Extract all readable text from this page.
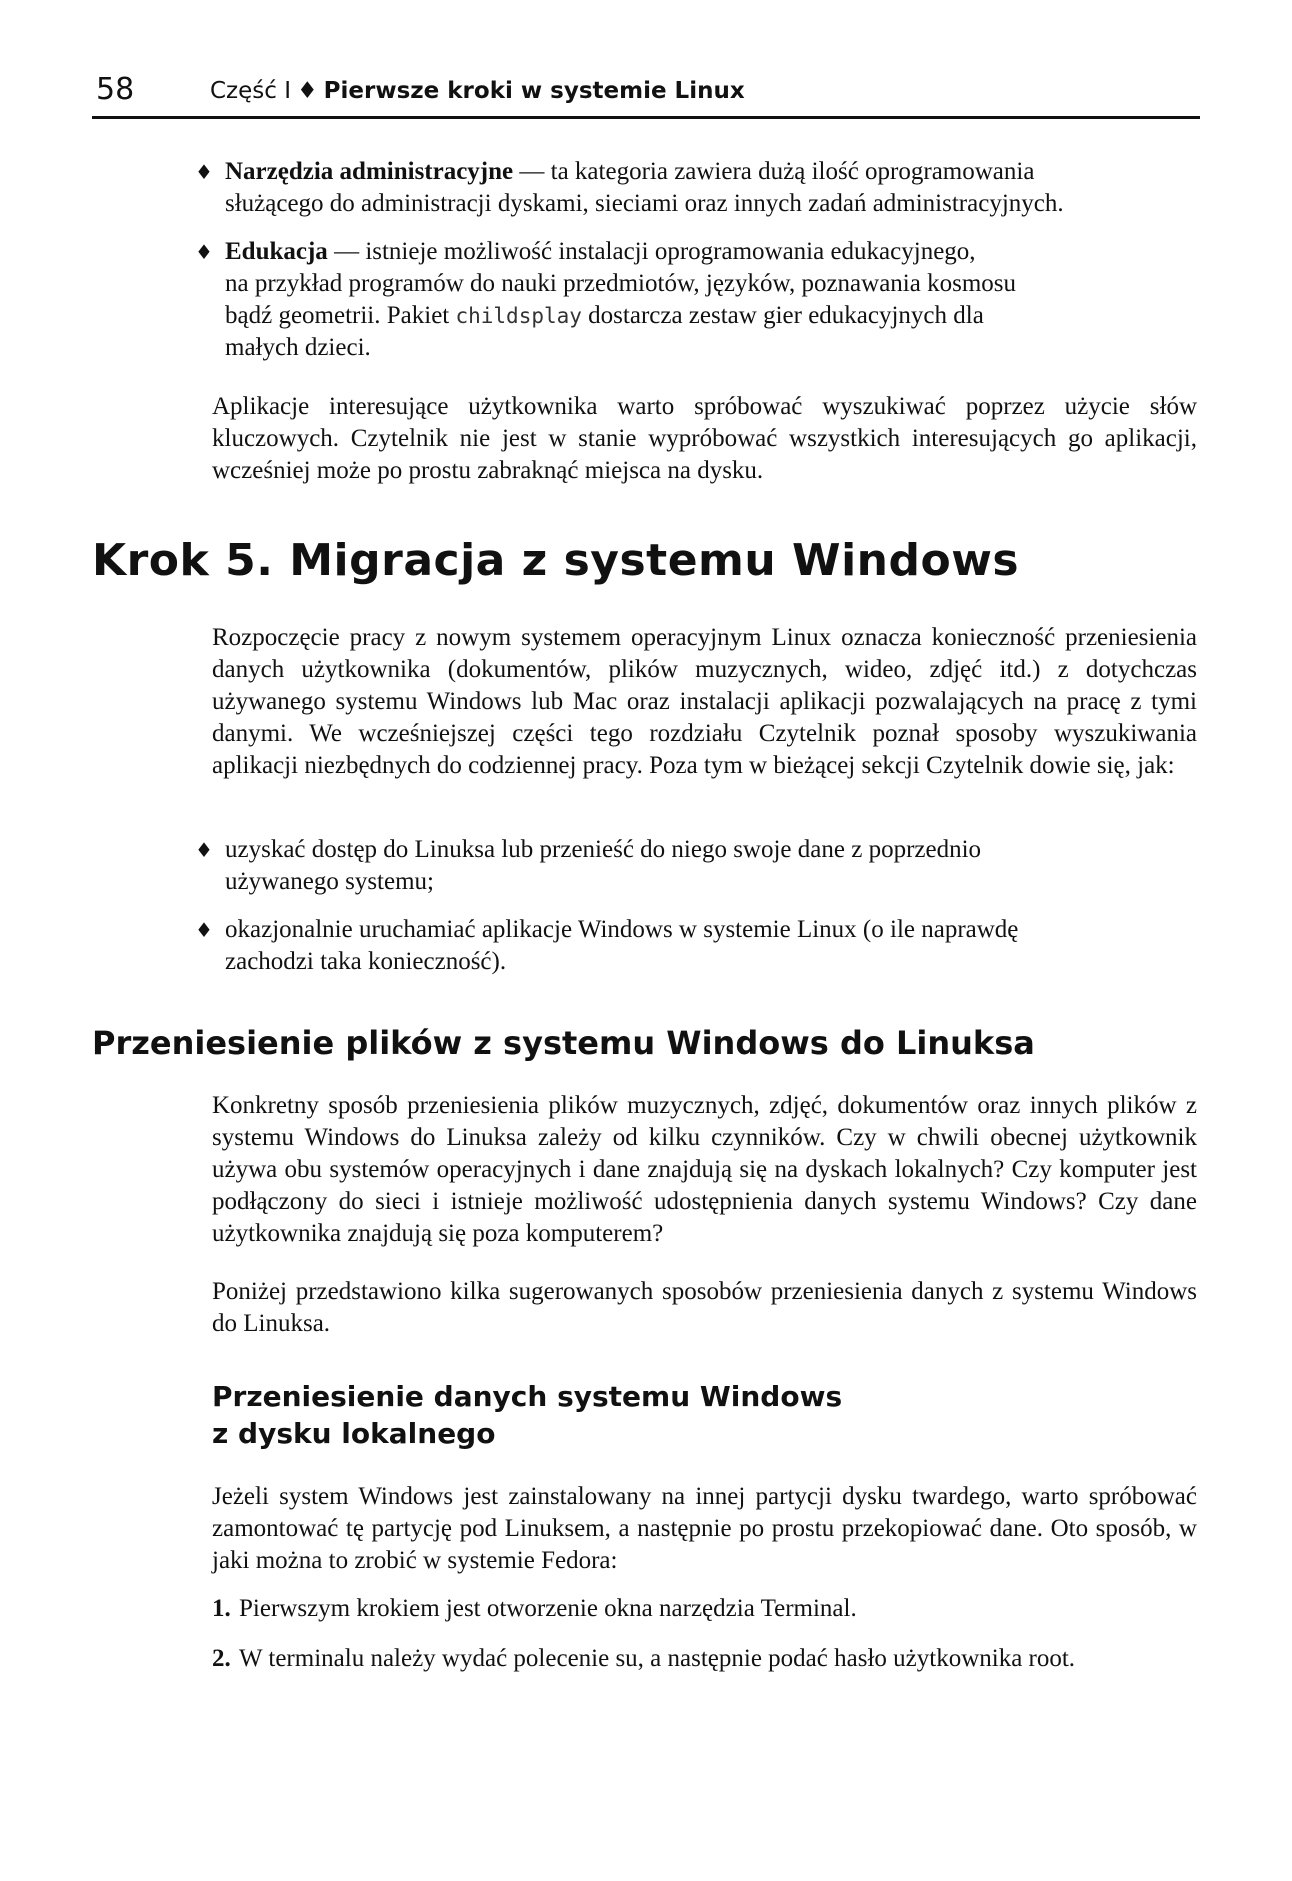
58	Część I ♦ Pierwsze kroki w systemie Linux
♦ Narzędzia administracyjne — ta kategoria zawiera dużą ilość oprogramowania
służącego do administracji dyskami, sieciami oraz innych zadań administracyjnych.
♦ Edukacja — istnieje możliwość instalacji oprogramowania edukacyjnego,
na przykład programów do nauki przedmiotów, języków, poznawania kosmosu
bądź geometrii. Pakiet childsplay dostarcza zestaw gier edukacyjnych dla
małych dzieci.
Aplikacje interesujące użytkownika warto spróbować wyszukiwać poprzez użycie słów kluczowych. Czytelnik nie jest w stanie wypróbować wszystkich interesujących go aplikacji, wcześniej może po prostu zabraknąć miejsca na dysku.
Krok 5. Migracja z systemu Windows
Rozpoczęcie pracy z nowym systemem operacyjnym Linux oznacza konieczność przeniesienia danych użytkownika (dokumentów, plików muzycznych, wideo, zdjęć itd.) z dotychczas używanego systemu Windows lub Mac oraz instalacji aplikacji pozwalających na pracę z tymi danymi. We wcześniejszej części tego rozdziału Czytelnik poznał sposoby wyszukiwania aplikacji niezbędnych do codziennej pracy. Poza tym w bieżącej sekcji Czytelnik dowie się, jak:
♦ uzyskać dostęp do Linuksa lub przenieść do niego swoje dane z poprzednio
używanego systemu;
♦ okazjonalnie uruchamiać aplikacje Windows w systemie Linux (o ile naprawdę
zachodzi taka konieczność).
Przeniesienie plików z systemu Windows do Linuksa
Konkretny sposób przeniesienia plików muzycznych, zdjęć, dokumentów oraz innych plików z systemu Windows do Linuksa zależy od kilku czynników. Czy w chwili obecnej użytkownik używa obu systemów operacyjnych i dane znajdują się na dyskach lokalnych? Czy komputer jest podłączony do sieci i istnieje możliwość udostępnienia danych systemu Windows? Czy dane użytkownika znajdują się poza komputerem?
Poniżej przedstawiono kilka sugerowanych sposobów przeniesienia danych z systemu Windows do Linuksa.
Przeniesienie danych systemu Windows
z dysku lokalnego
Jeżeli system Windows jest zainstalowany na innej partycji dysku twardego, warto spróbować zamontować tę partycję pod Linuksem, a następnie po prostu przekopiować dane. Oto sposób, w jaki można to zrobić w systemie Fedora:
1. Pierwszym krokiem jest otworzenie okna narzędzia Terminal.
2. W terminalu należy wydać polecenie su, a następnie podać hasło użytkownika root.
